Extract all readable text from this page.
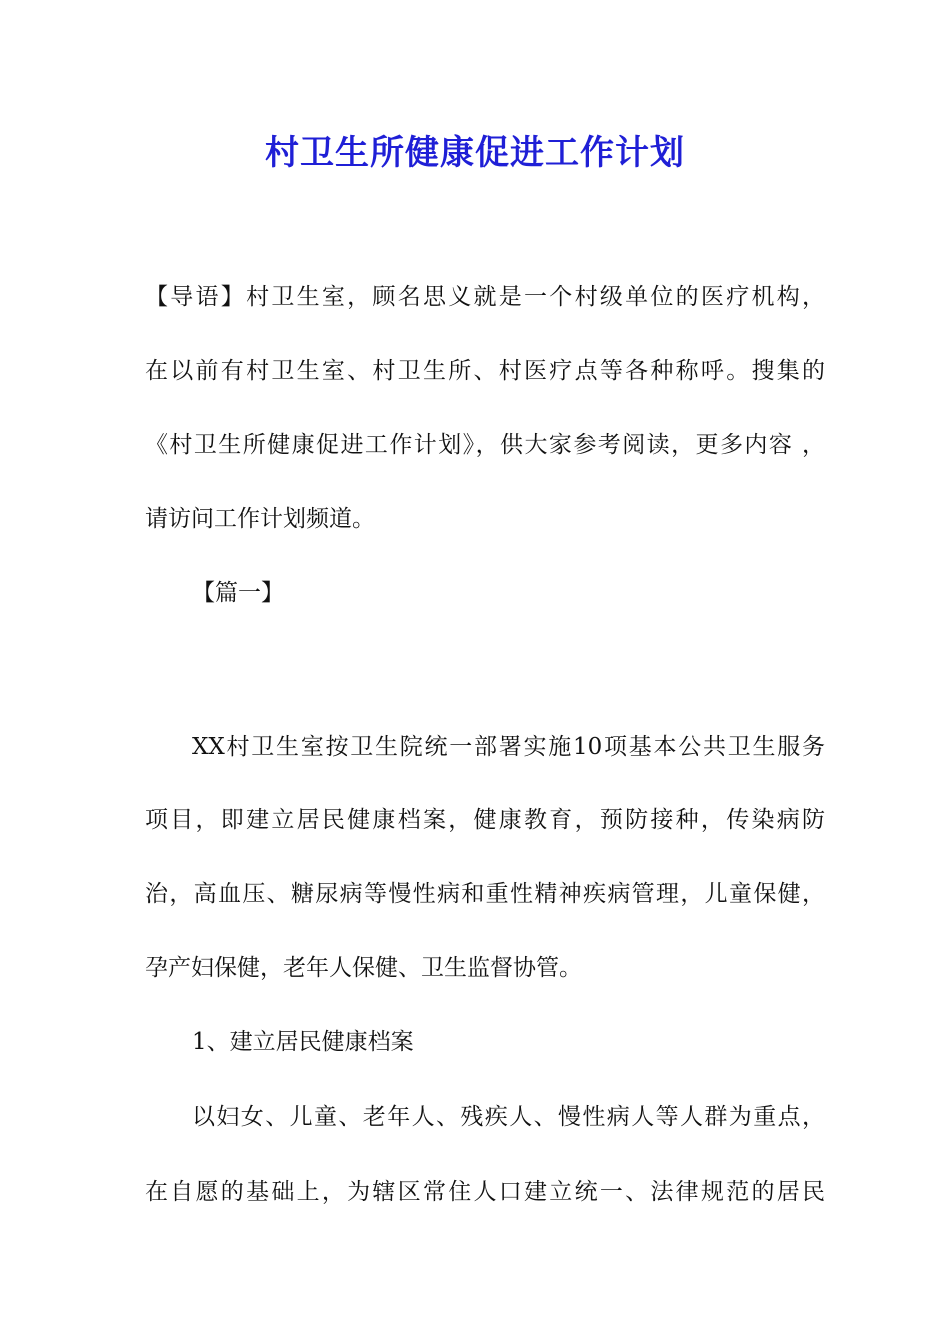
村卫生所健康促进工作计划
【导语】村卫生室，顾名思义就是一个村级单位的医疗机构，
在以前有村卫生室、村卫生所、村医疗点等各种称呼。搜集的
《村卫生所健康促进工作计划》，供大家参考阅读，更多内容 ，
请访问工作计划频道。
【篇一】
XX村卫生室按卫生院统一部署实施10项基本公共卫生服务
项目，即建立居民健康档案，健康教育，预防接种，传染病防
治，高血压、糖尿病等慢性病和重性精神疾病管理，儿童保健，
孕产妇保健，老年人保健、卫生监督协管。
1、建立居民健康档案
以妇女、儿童、老年人、残疾人、慢性病人等人群为重点，
在自愿的基础上，为辖区常住人口建立统一、法律规范的居民
